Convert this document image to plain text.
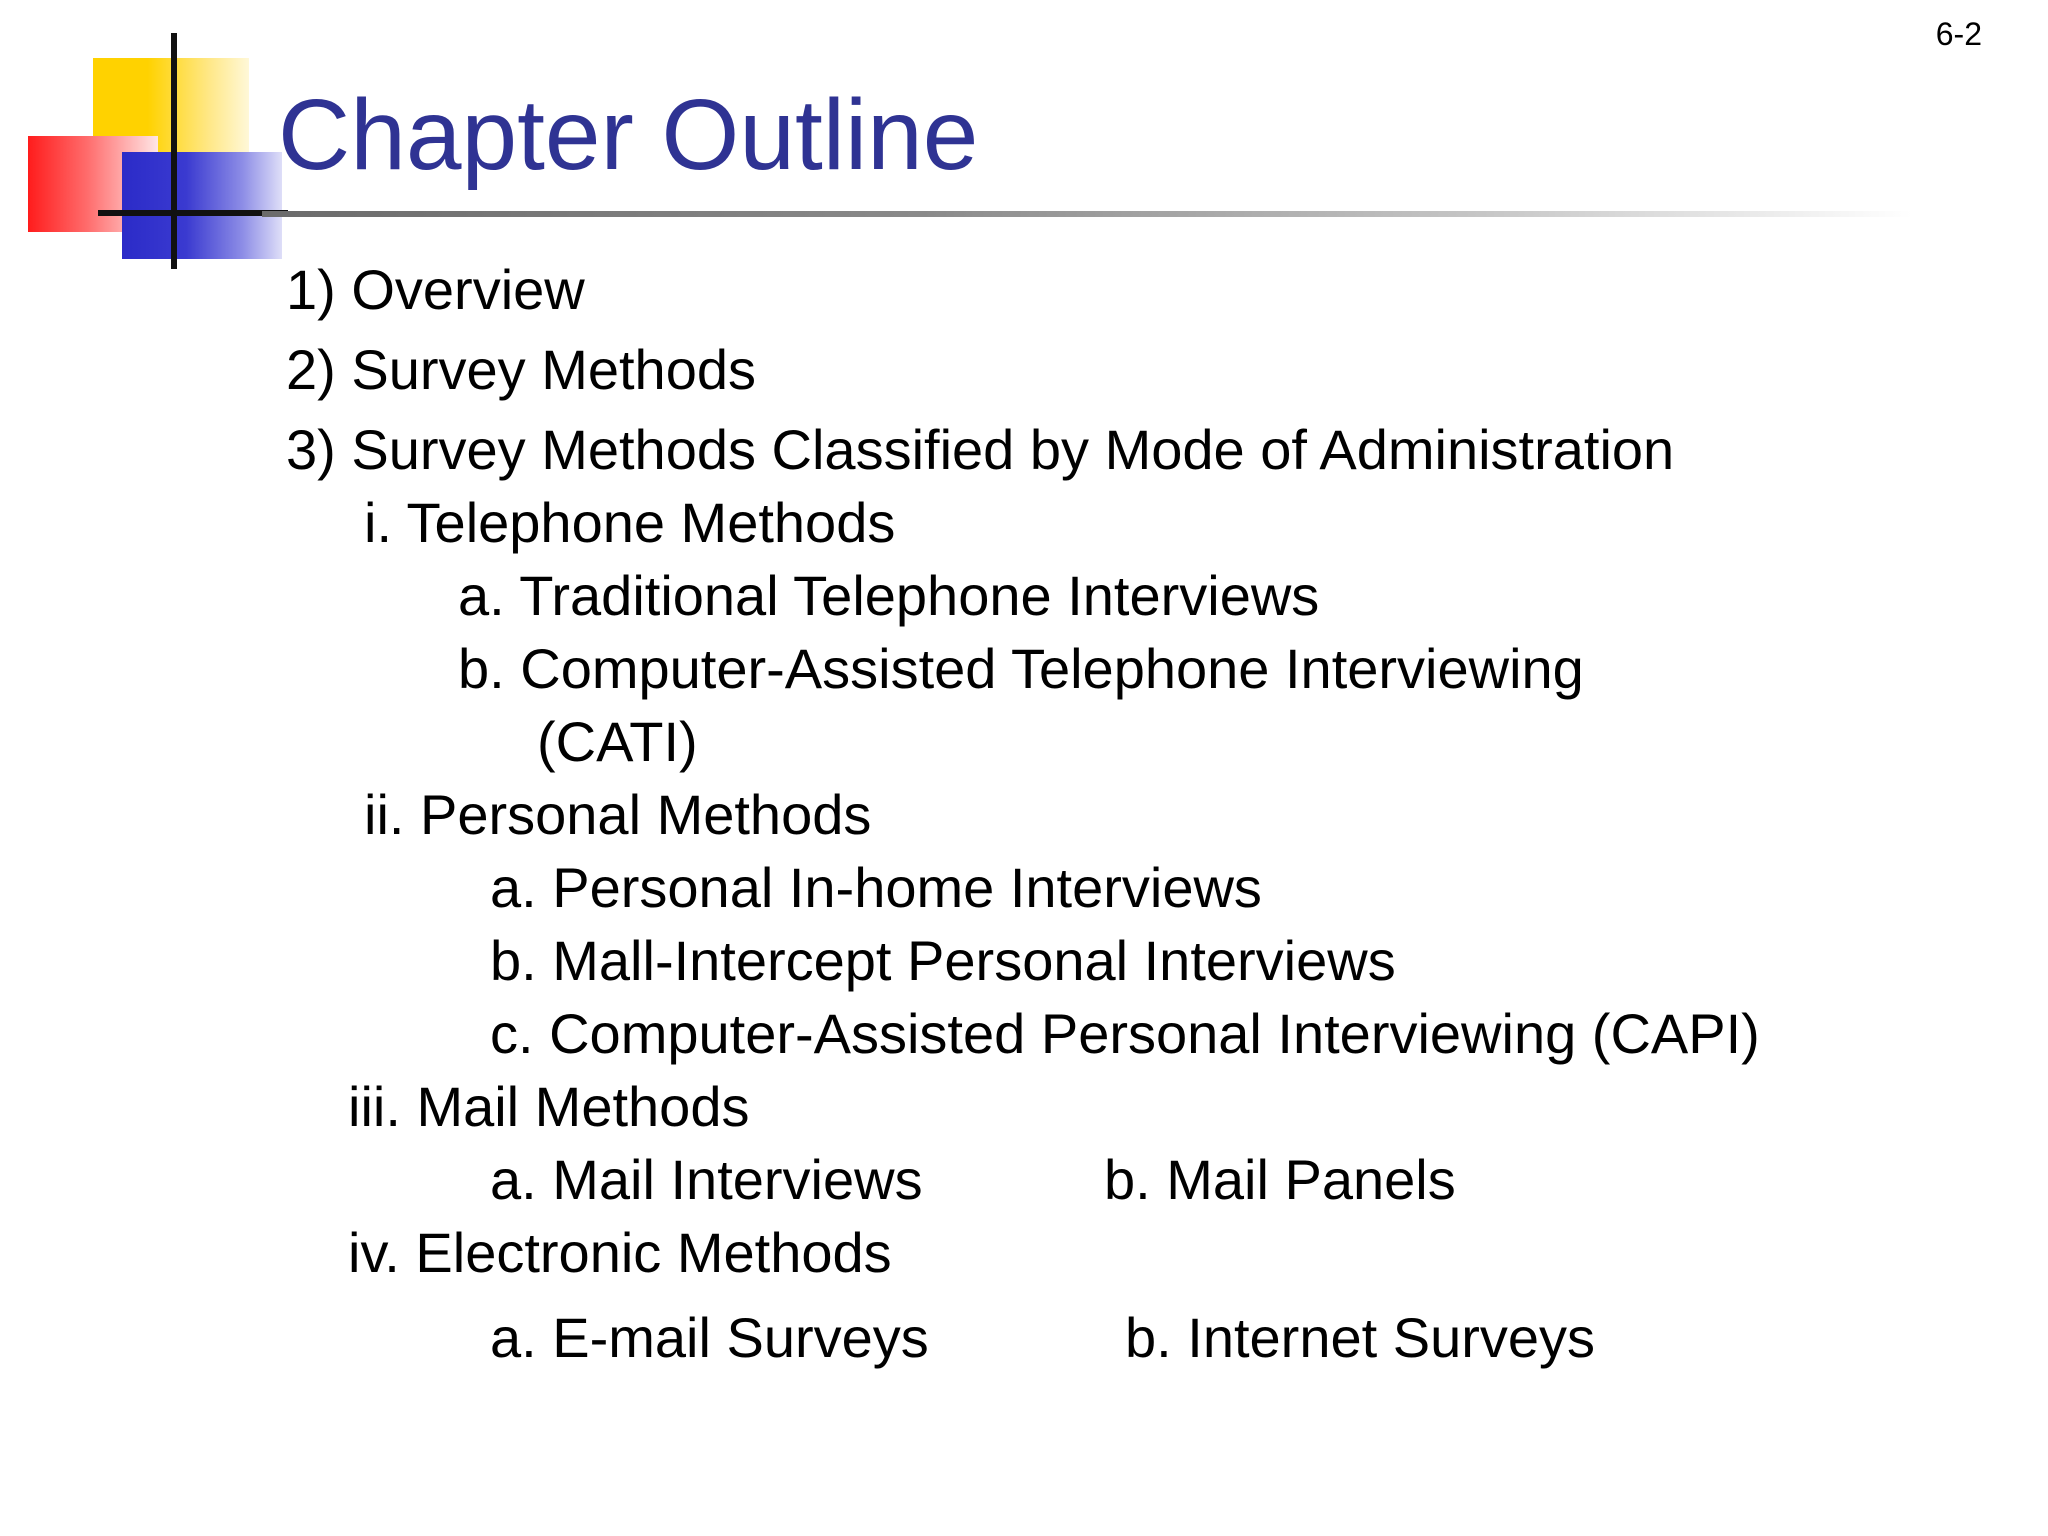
6-2
Chapter Outline
1) Overview
2) Survey Methods
3) Survey Methods Classified by Mode of Administration
i. Telephone Methods
a. Traditional Telephone Interviews
b. Computer-Assisted Telephone Interviewing
(CATI)
ii. Personal Methods
a. Personal In-home Interviews
b. Mall-Intercept Personal Interviews
c. Computer-Assisted Personal Interviewing (CAPI)
iii. Mail Methods
a. Mail Interviews	b. Mail Panels
iv. Electronic Methods
a. E-mail Surveys	b. Internet Surveys
